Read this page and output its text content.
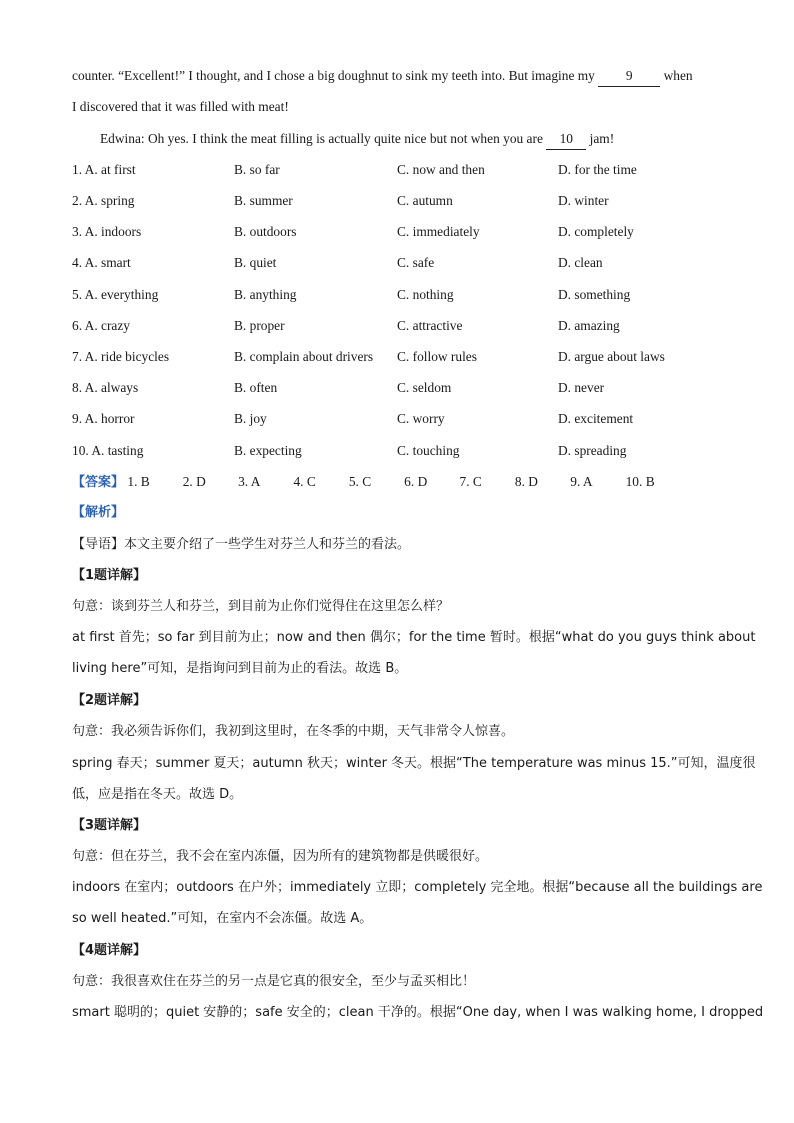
counter. “Excellent!” I thought, and I chose a big doughnut to sink my teeth into. But imagine my 9 when
I discovered that it was filled with meat!
Edwina: Oh yes. I think the meat filling is actually quite nice but not when you are 10 jam!
1. A. at first	B. so far	C. now and then	D. for the time
2. A. spring	B. summer	C. autumn	D. winter
3. A. indoors	B. outdoors	C. immediately	D. completely
4. A. smart	B. quiet	C. safe	D. clean
5. A. everything	B. anything	C. nothing	D. something
6. A. crazy	B. proper	C. attractive	D. amazing
7. A. ride bicycles	B. complain about drivers C. follow rules	D. argue about laws
8. A. always	B. often	C. seldom	D. never
9. A. horror	B. joy	C. worry	D. excitement
10. A. tasting	B. expecting	C. touching	D. spreading
【答案】 1. B 2. D 3. A 4. C 5. C 6. D 7. C 8. D 9. A 10. B
【解析】
【导语】本文主要介绍了一些学生对芬兰人和芬兰的看法。
【1题详解】
句意：谈到芬兰人和芬兰，到目前为止你们觉得住在这里怎么样？
at first 首先；so far 到目前为止；now and then 偶尔；for the time 暂时。根据“what do you guys think about
living here”可知，是指询问到目前为止的看法。故选 B。
【2题详解】
句意：我必须告诉你们，我初到这里时，在冬季的中期，天气非常令人惊喜。
spring 春天；summer 夏天；autumn 秋天；winter 冬天。根据“The temperature was minus 15.”可知，温度很
低，应是指在冬天。故选 D。
【3题详解】
句意：但在芬兰，我不会在室内冻僵，因为所有的建筑物都是供暖很好。
indoors 在室内；outdoors 在户外；immediately 立即；completely 完全地。根据“because all the buildings are
so well heated.”可知，在室内不会冻僵。故选 A。
【4题详解】
句意：我很喜欢住在芬兰的另一点是它真的很安全，至少与孟买相比！
smart 聪明的；quiet 安静的；safe 安全的；clean 干净的。根据“One day, when I was walking home, I dropped
